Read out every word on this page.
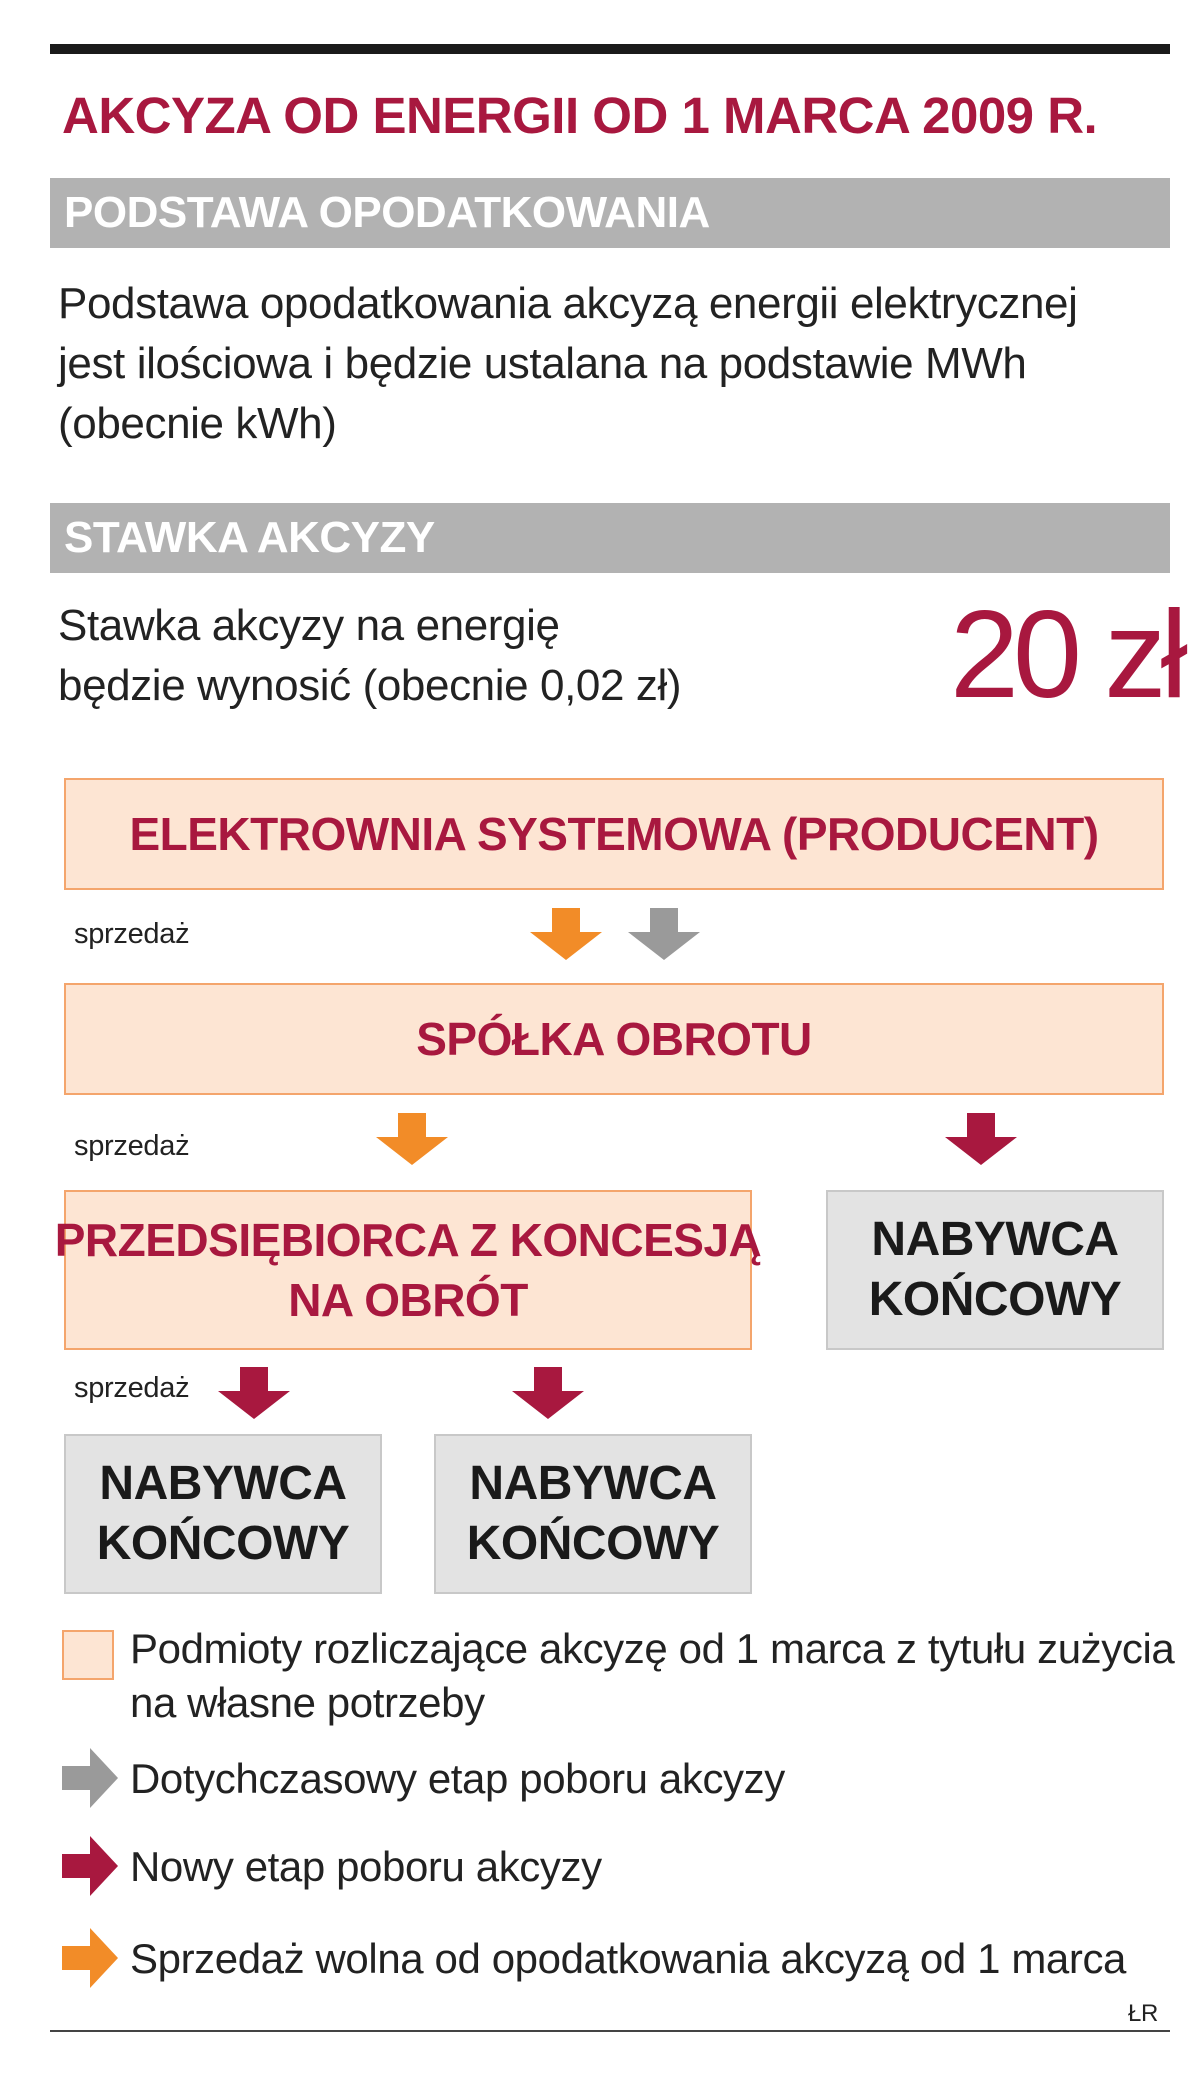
AKCYZA OD ENERGII OD 1 MARCA 2009 R.
PODSTAWA OPODATKOWANIA
Podstawa opodatkowania akcyzą energii elektrycznej
jest ilościowa i będzie ustalana na podstawie MWh
(obecnie kWh)
STAWKA AKCYZY
Stawka akcyzy na energię
będzie wynosić (obecnie 0,02 zł) 20 zł
ELEKTROWNIA SYSTEMOWA (PRODUCENT)
sprzedaż
SPÓŁKA OBROTU
sprzedaż
PRZEDSIĘBIORCA Z KONCESJĄ
NA OBRÓT
NABYWCA
KOŃCOWY
sprzedaż
NABYWCA
KOŃCOWY
NABYWCA
KOŃCOWY
Podmioty rozliczające akcyzę od 1 marca z tytułu zużycia
na własne potrzeby
Dotychczasowy etap poboru akcyzy
Nowy etap poboru akcyzy
Sprzedaż wolna od opodatkowania akcyzą od 1 marca
ŁR
